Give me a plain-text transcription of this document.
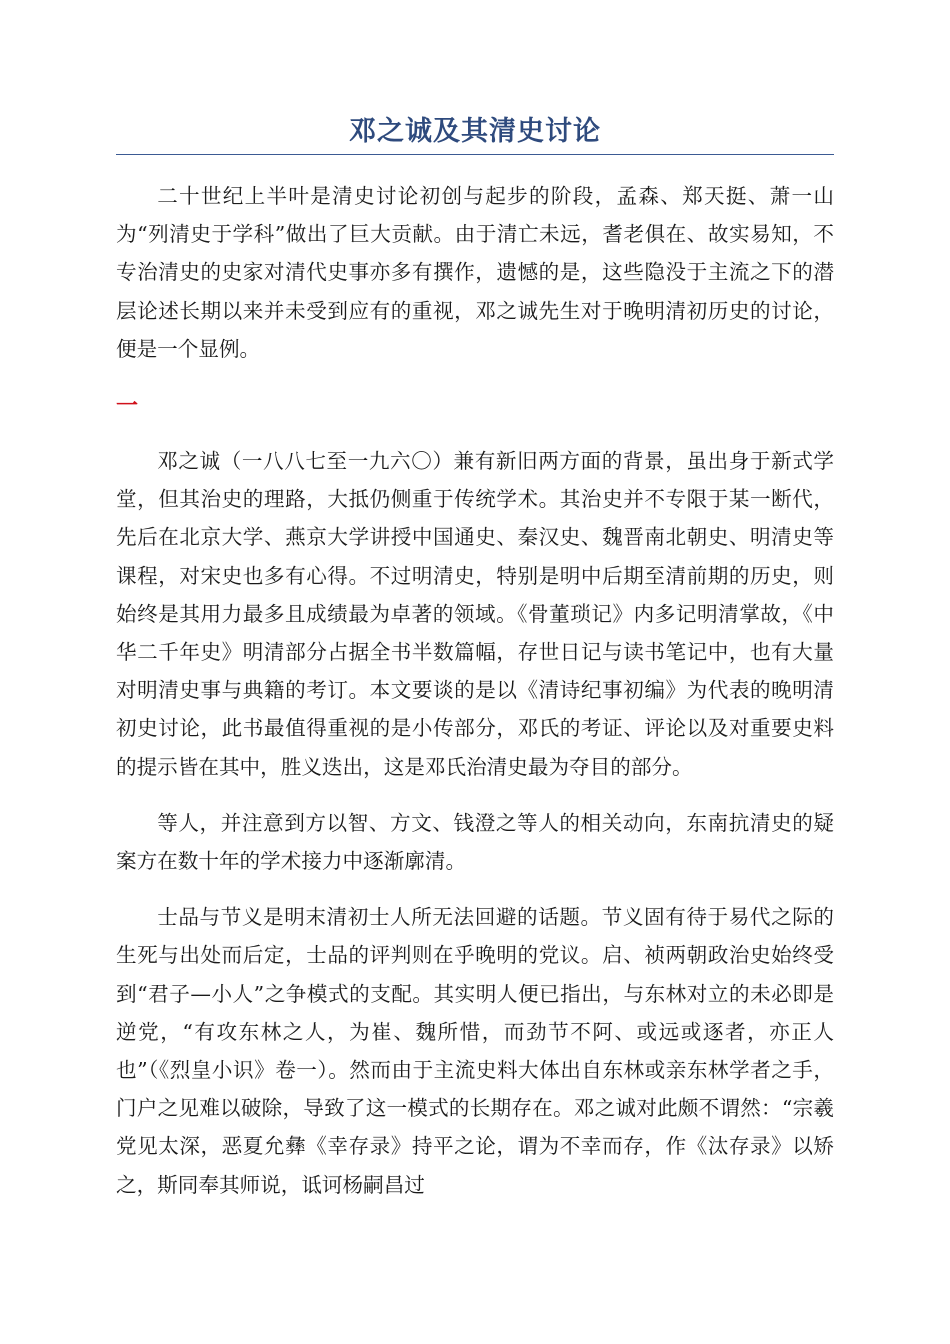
邓之诚及其清史讨论

二十世纪上半叶是清史讨论初创与起步的阶段，孟森、郑天挺、萧一山为“列清史于学科”做出了巨大贡献。由于清亡未远，耆老俱在、故实易知，不专治清史的史家对清代史事亦多有撰作，遗憾的是，这些隐没于主流之下的潜层论述长期以来并未受到应有的重视，邓之诚先生对于晚明清初历史的讨论，便是一个显例。

一

邓之诚（一八八七至一九六〇）兼有新旧两方面的背景，虽出身于新式学堂，但其治史的理路，大抵仍侧重于传统学术。其治史并不专限于某一断代，先后在北京大学、燕京大学讲授中国通史、秦汉史、魏晋南北朝史、明清史等课程，对宋史也多有心得。不过明清史，特别是明中后期至清前期的历史，则始终是其用力最多且成绩最为卓著的领域。《骨董琐记》内多记明清掌故，《中华二千年史》明清部分占据全书半数篇幅，存世日记与读书笔记中，也有大量对明清史事与典籍的考订。本文要谈的是以《清诗纪事初编》为代表的晚明清初史讨论，此书最值得重视的是小传部分，邓氏的考证、评论以及对重要史料的提示皆在其中，胜义迭出，这是邓氏治清史最为夺目的部分。

等人，并注意到方以智、方文、钱澄之等人的相关动向，东南抗清史的疑案方在数十年的学术接力中逐渐廓清。

士品与节义是明末清初士人所无法回避的话题。节义固有待于易代之际的生死与出处而后定，士品的评判则在乎晚明的党议。启、祯两朝政治史始终受到“君子—小人”之争模式的支配。其实明人便已指出，与东林对立的未必即是逆党，“有攻东林之人，为崔、魏所惜，而劲节不阿、或远或逐者，亦正人也”（《烈皇小识》卷一）。然而由于主流史料大体出自东林或亲东林学者之手，门户之见难以破除，导致了这一模式的长期存在。邓之诚对此颇不谓然：“宗羲党见太深，恶夏允彝《幸存录》持平之论，谓为不幸而存，作《汰存录》以矫之，斯同奉其师说，诋诃杨嗣昌过
